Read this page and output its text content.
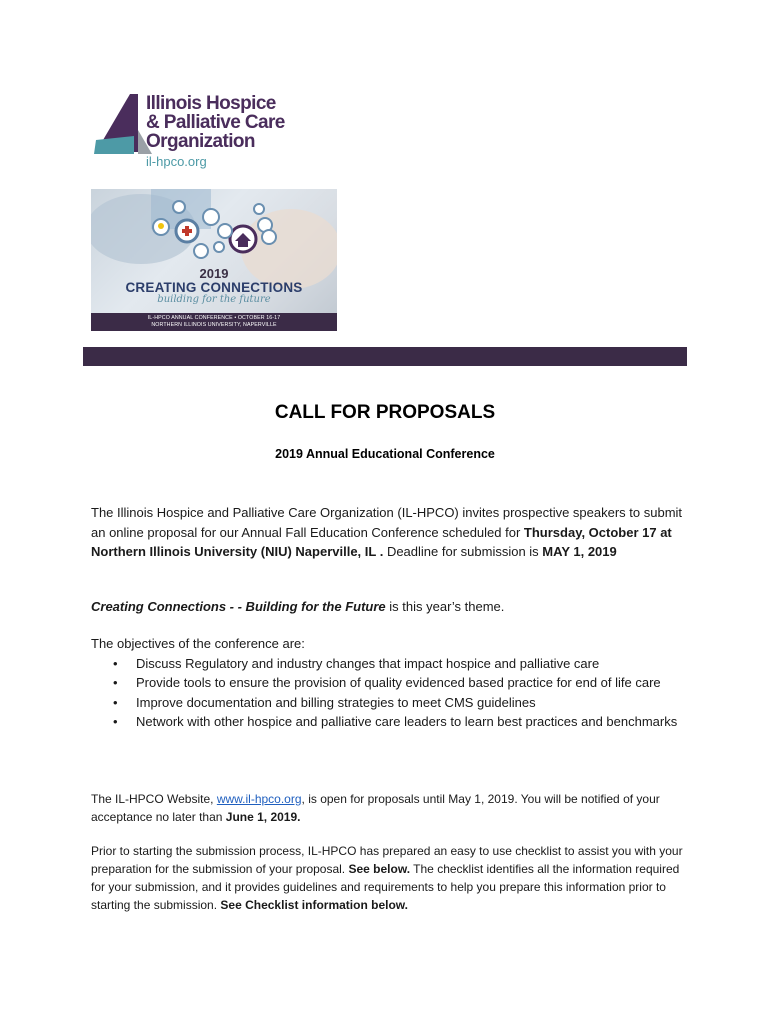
Illinois Hospice
& Palliative Care
Organization
il-hpco.org
2019
CREATING CONNECTIONS
building for the future
IL-HPCO ANNUAL CONFERENCE • OCTOBER 16-17
NORTHERN ILLINOIS UNIVERSITY, NAPERVILLE
CALL FOR PROPOSALS
2019 Annual Educational Conference
The Illinois Hospice and Palliative Care Organization (IL-HPCO) invites prospective speakers to submit an online proposal for our Annual Fall Education Conference scheduled for Thursday, October 17 at Northern Illinois University (NIU) Naperville, IL . Deadline for submission is MAY 1, 2019
Creating Connections - - Building for the Future is this year’s theme.
The objectives of the conference are:
• Discuss Regulatory and industry changes that impact hospice and palliative care
• Provide tools to ensure the provision of quality evidenced based practice for end of life care
• Improve documentation and billing strategies to meet CMS guidelines
• Network with other hospice and palliative care leaders to learn best practices and benchmarks
The IL-HPCO Website, www.il-hpco.org, is open for proposals until May 1, 2019. You will be notified of your acceptance no later than June 1, 2019.
Prior to starting the submission process, IL-HPCO has prepared an easy to use checklist to assist you with your preparation for the submission of your proposal. See below. The checklist identifies all the information required for your submission, and it provides guidelines and requirements to help you prepare this information prior to starting the submission. See Checklist information below.
